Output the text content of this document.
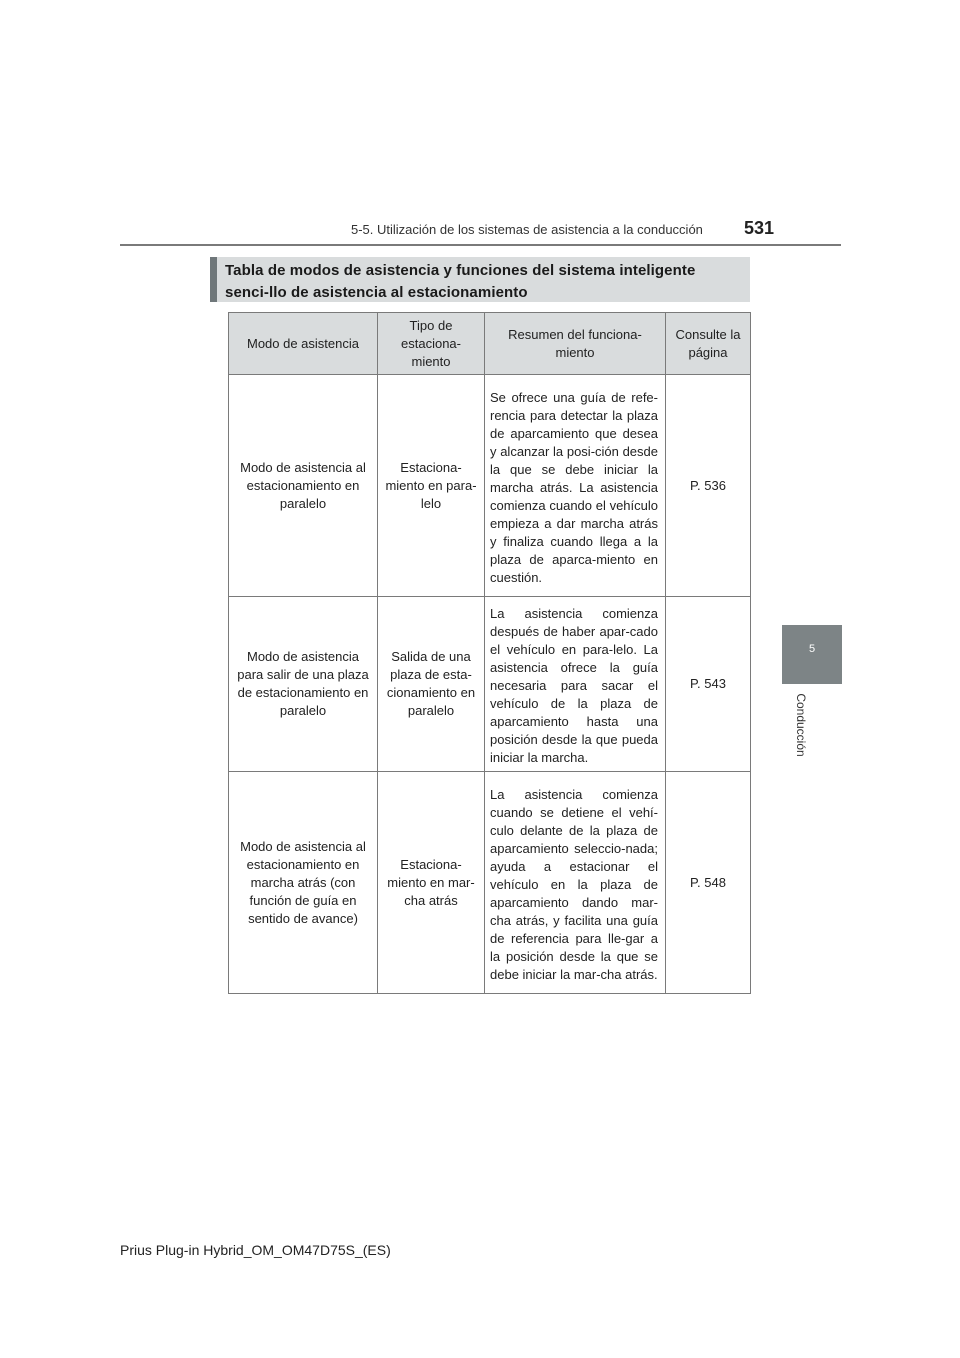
5-5. Utilización de los sistemas de asistencia a la conducción 531
5
Conducción
Tabla de modos de asistencia y funciones del sistema inteligente senci-llo de asistencia al estacionamiento
Modo de asistencia	Tipo de estaciona-miento	Resumen del funciona-miento	Consulte la página
Modo de asistencia al estacionamiento en paralelo	Estaciona-miento en para-lelo	Se ofrece una guía de refe-rencia para detectar la plaza de aparcamiento que desea y alcanzar la posi-ción desde la que se debe iniciar la marcha atrás. La asistencia comienza cuando el vehículo empieza a dar marcha atrás y finaliza cuando llega a la plaza de aparca-miento en cuestión.	P. 536
Modo de asistencia para salir de una plaza de estacionamiento en paralelo	Salida de una plaza de esta-cionamiento en paralelo	La asistencia comienza después de haber apar-cado el vehículo en para-lelo. La asistencia ofrece la guía necesaria para sacar el vehículo de la plaza de aparcamiento hasta una posición desde la que pueda iniciar la marcha.	P. 543
Modo de asistencia al estacionamiento en marcha atrás (con función de guía en sentido de avance)	Estaciona-miento en mar-cha atrás	La asistencia comienza cuando se detiene el vehí-culo delante de la plaza de aparcamiento seleccio-nada; ayuda a estacionar el vehículo en la plaza de aparcamiento dando mar-cha atrás, y facilita una guía de referencia para lle-gar a la posición desde la que se debe iniciar la mar-cha atrás.	P. 548
Prius Plug-in Hybrid_OM_OM47D75S_(ES)
